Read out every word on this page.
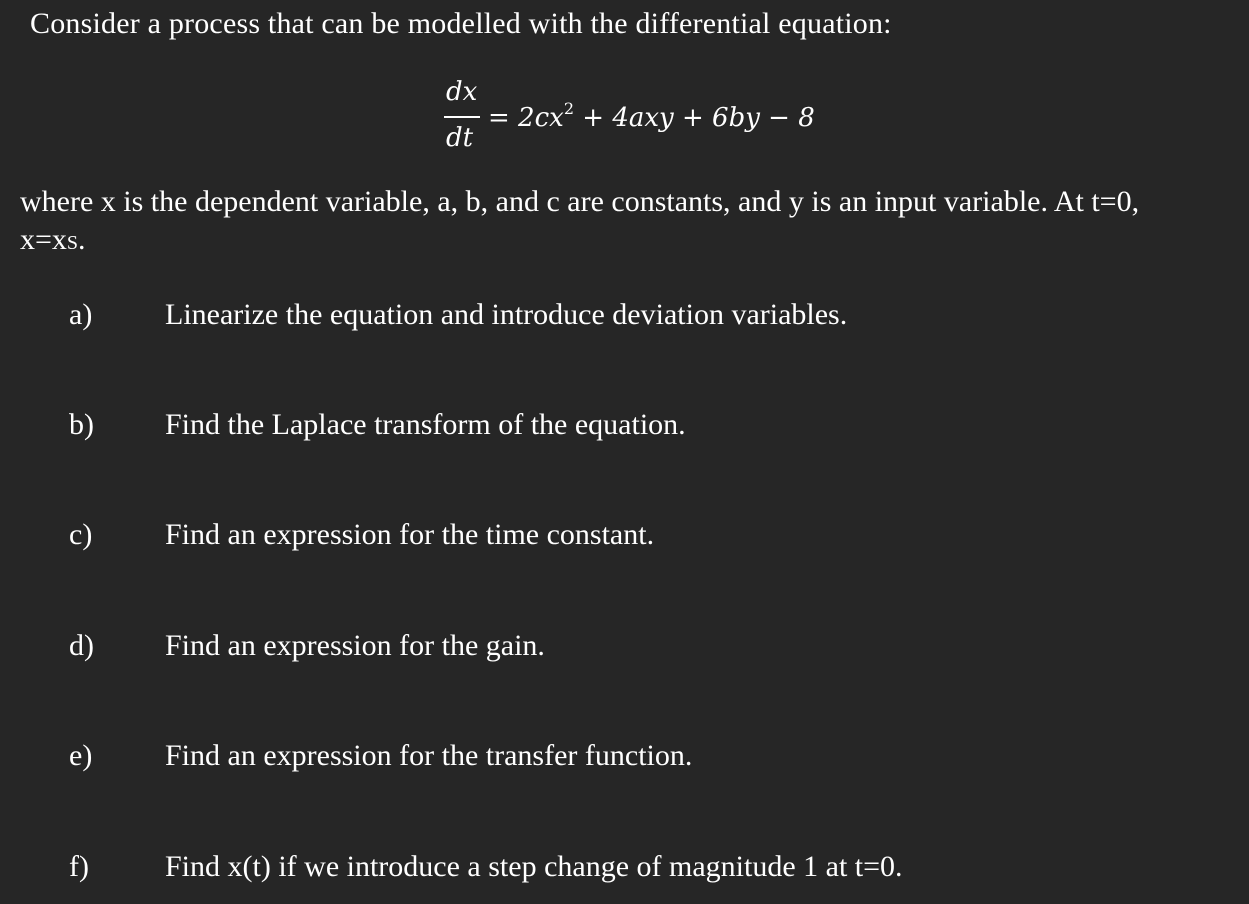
Consider a process that can be modelled with the differential equation:
dx
dt
= $2cx^2 + 4axy + 6by - 8$
where x is the dependent variable, a, b, and c are constants, and y is an input variable. At t=0,
x=xS.
a) Linearize the equation and introduce deviation variables.
b) Find the Laplace transform of the equation.
c) Find an expression for the time constant.
d) Find an expression for the gain.
e) Find an expression for the transfer function.
f)	Find x(t) if we introduce a step change of magnitude 1 at t=0.
